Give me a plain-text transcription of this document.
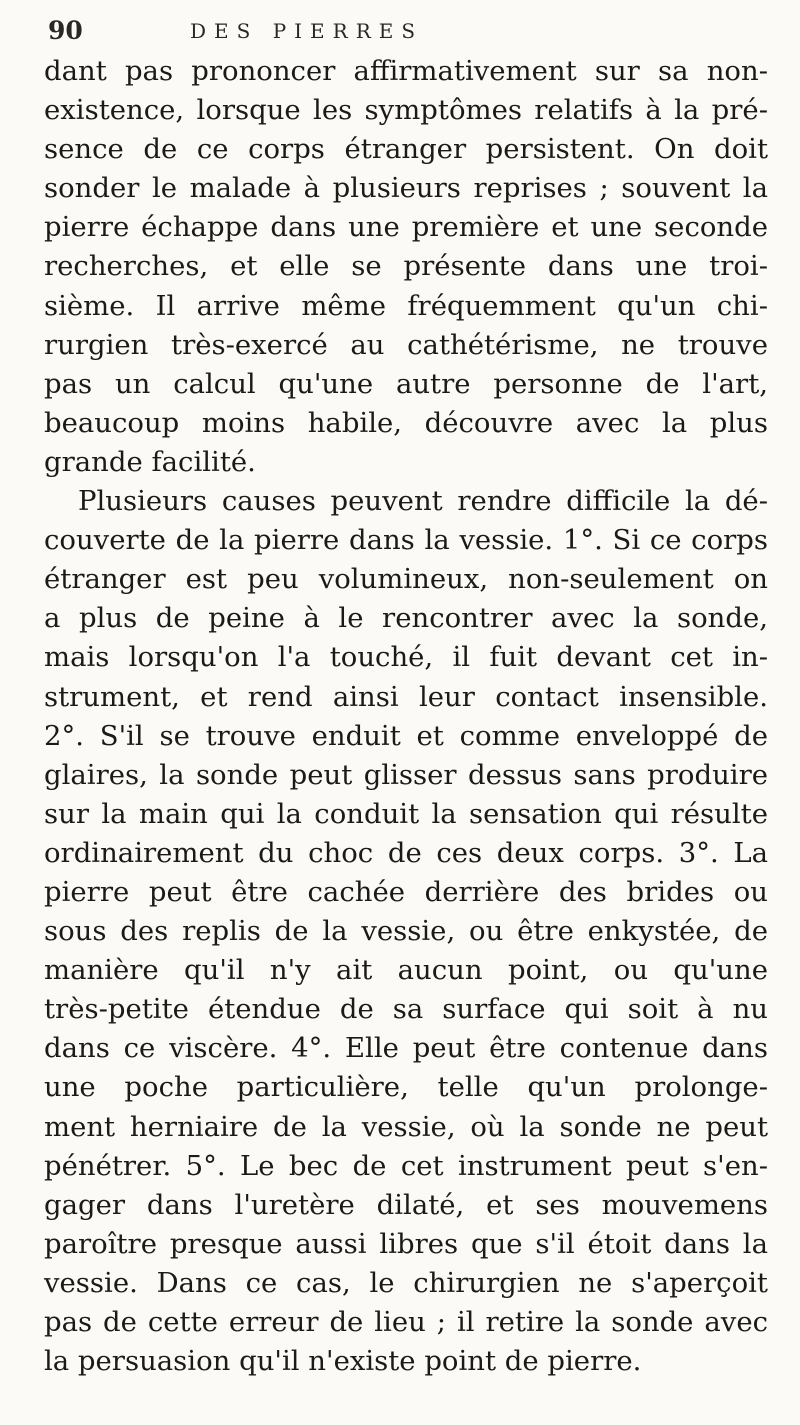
90	DES PIERRES
dant pas prononcer affirmativement sur sa non-
existence, lorsque les symptômes relatifs à la pré-
sence de ce corps étranger persistent. On doit
sonder le malade à plusieurs reprises ; souvent la
pierre échappe dans une première et une seconde
recherches, et elle se présente dans une troi-
sième. Il arrive même fréquemment qu'un chi-
rurgien très-exercé au cathétérisme, ne trouve
pas un calcul qu'une autre personne de l'art,
beaucoup moins habile, découvre avec la plus
grande facilité.
Plusieurs causes peuvent rendre difficile la dé-
couverte de la pierre dans la vessie. 1°. Si ce corps
étranger est peu volumineux, non-seulement on
a plus de peine à le rencontrer avec la sonde,
mais lorsqu'on l'a touché, il fuit devant cet in-
strument, et rend ainsi leur contact insensible.
2°. S'il se trouve enduit et comme enveloppé de
glaires, la sonde peut glisser dessus sans produire
sur la main qui la conduit la sensation qui résulte
ordinairement du choc de ces deux corps. 3°. La
pierre peut être cachée derrière des brides ou
sous des replis de la vessie, ou être enkystée, de
manière qu'il n'y ait aucun point, ou qu'une
très-petite étendue de sa surface qui soit à nu
dans ce viscère. 4°. Elle peut être contenue dans
une poche particulière, telle qu'un prolonge-
ment herniaire de la vessie, où la sonde ne peut
pénétrer. 5°. Le bec de cet instrument peut s'en-
gager dans l'uretère dilaté, et ses mouvemens
paroître presque aussi libres que s'il étoit dans la
vessie. Dans ce cas, le chirurgien ne s'aperçoit
pas de cette erreur de lieu ; il retire la sonde avec
la persuasion qu'il n'existe point de pierre.
